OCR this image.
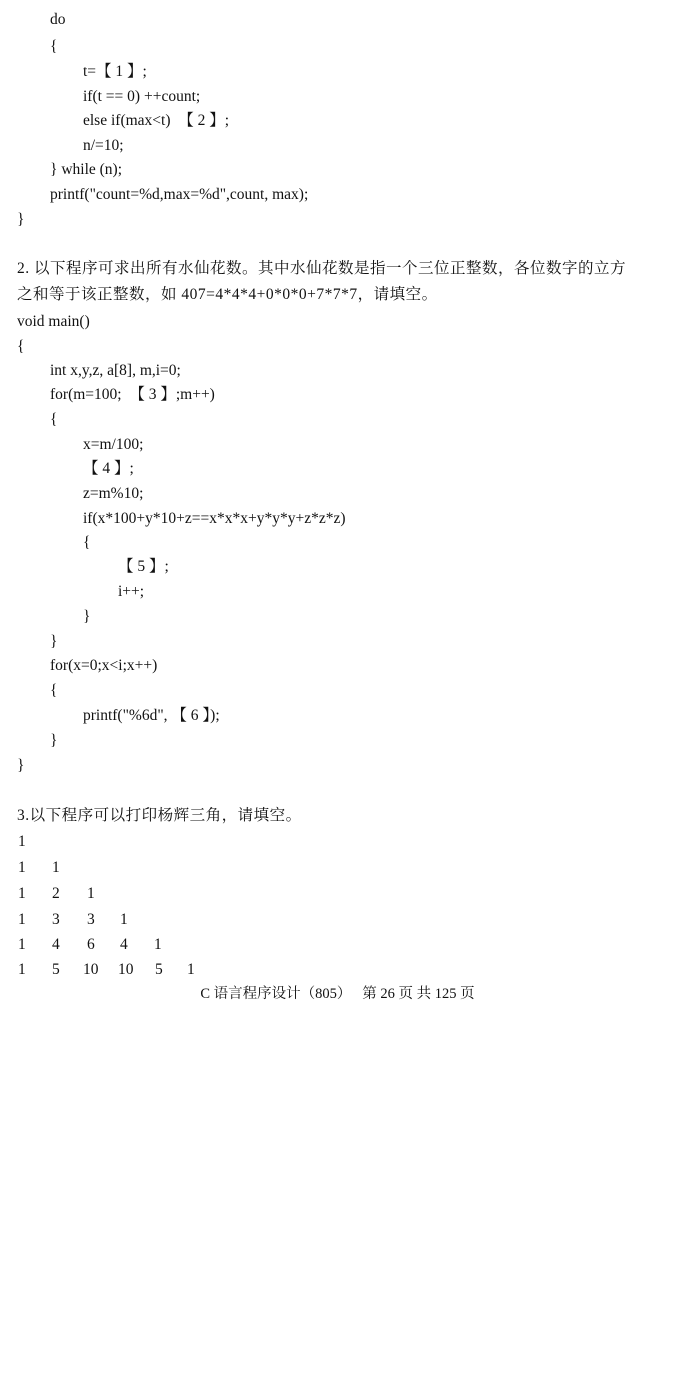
do
{
t=【 1 】;
if(t == 0) ++count;
else if(max<t)  【 2 】;
n/=10;
} while (n);
printf("count=%d,max=%d",count, max);
}
2. 以下程序可求出所有水仙花数。其中水仙花数是指一个三位正整数，各位数字的立方
之和等于该正整数，如 407=4*4*4+0*0*0+7*7*7，请填空。
void main()
{
int x,y,z, a[8], m,i=0;
for(m=100;  【 3 】;m++)
{
x=m/100;
【 4 】;
z=m%10;
if(x*100+y*10+z==x*x*x+y*y*y+z*z*z)
{
【 5 】;
i++;
}
}
for(x=0;x<i;x++)
{
printf("%6d", 【 6 】);
}
}
3.以下程序可以打印杨辉三角，请填空。

1

1

1

1

2

1

1

3

3

1

1

4

6

4

1

1

5

10

10

5

1

C 语言程序设计（805）   第 26 页 共 125 页
